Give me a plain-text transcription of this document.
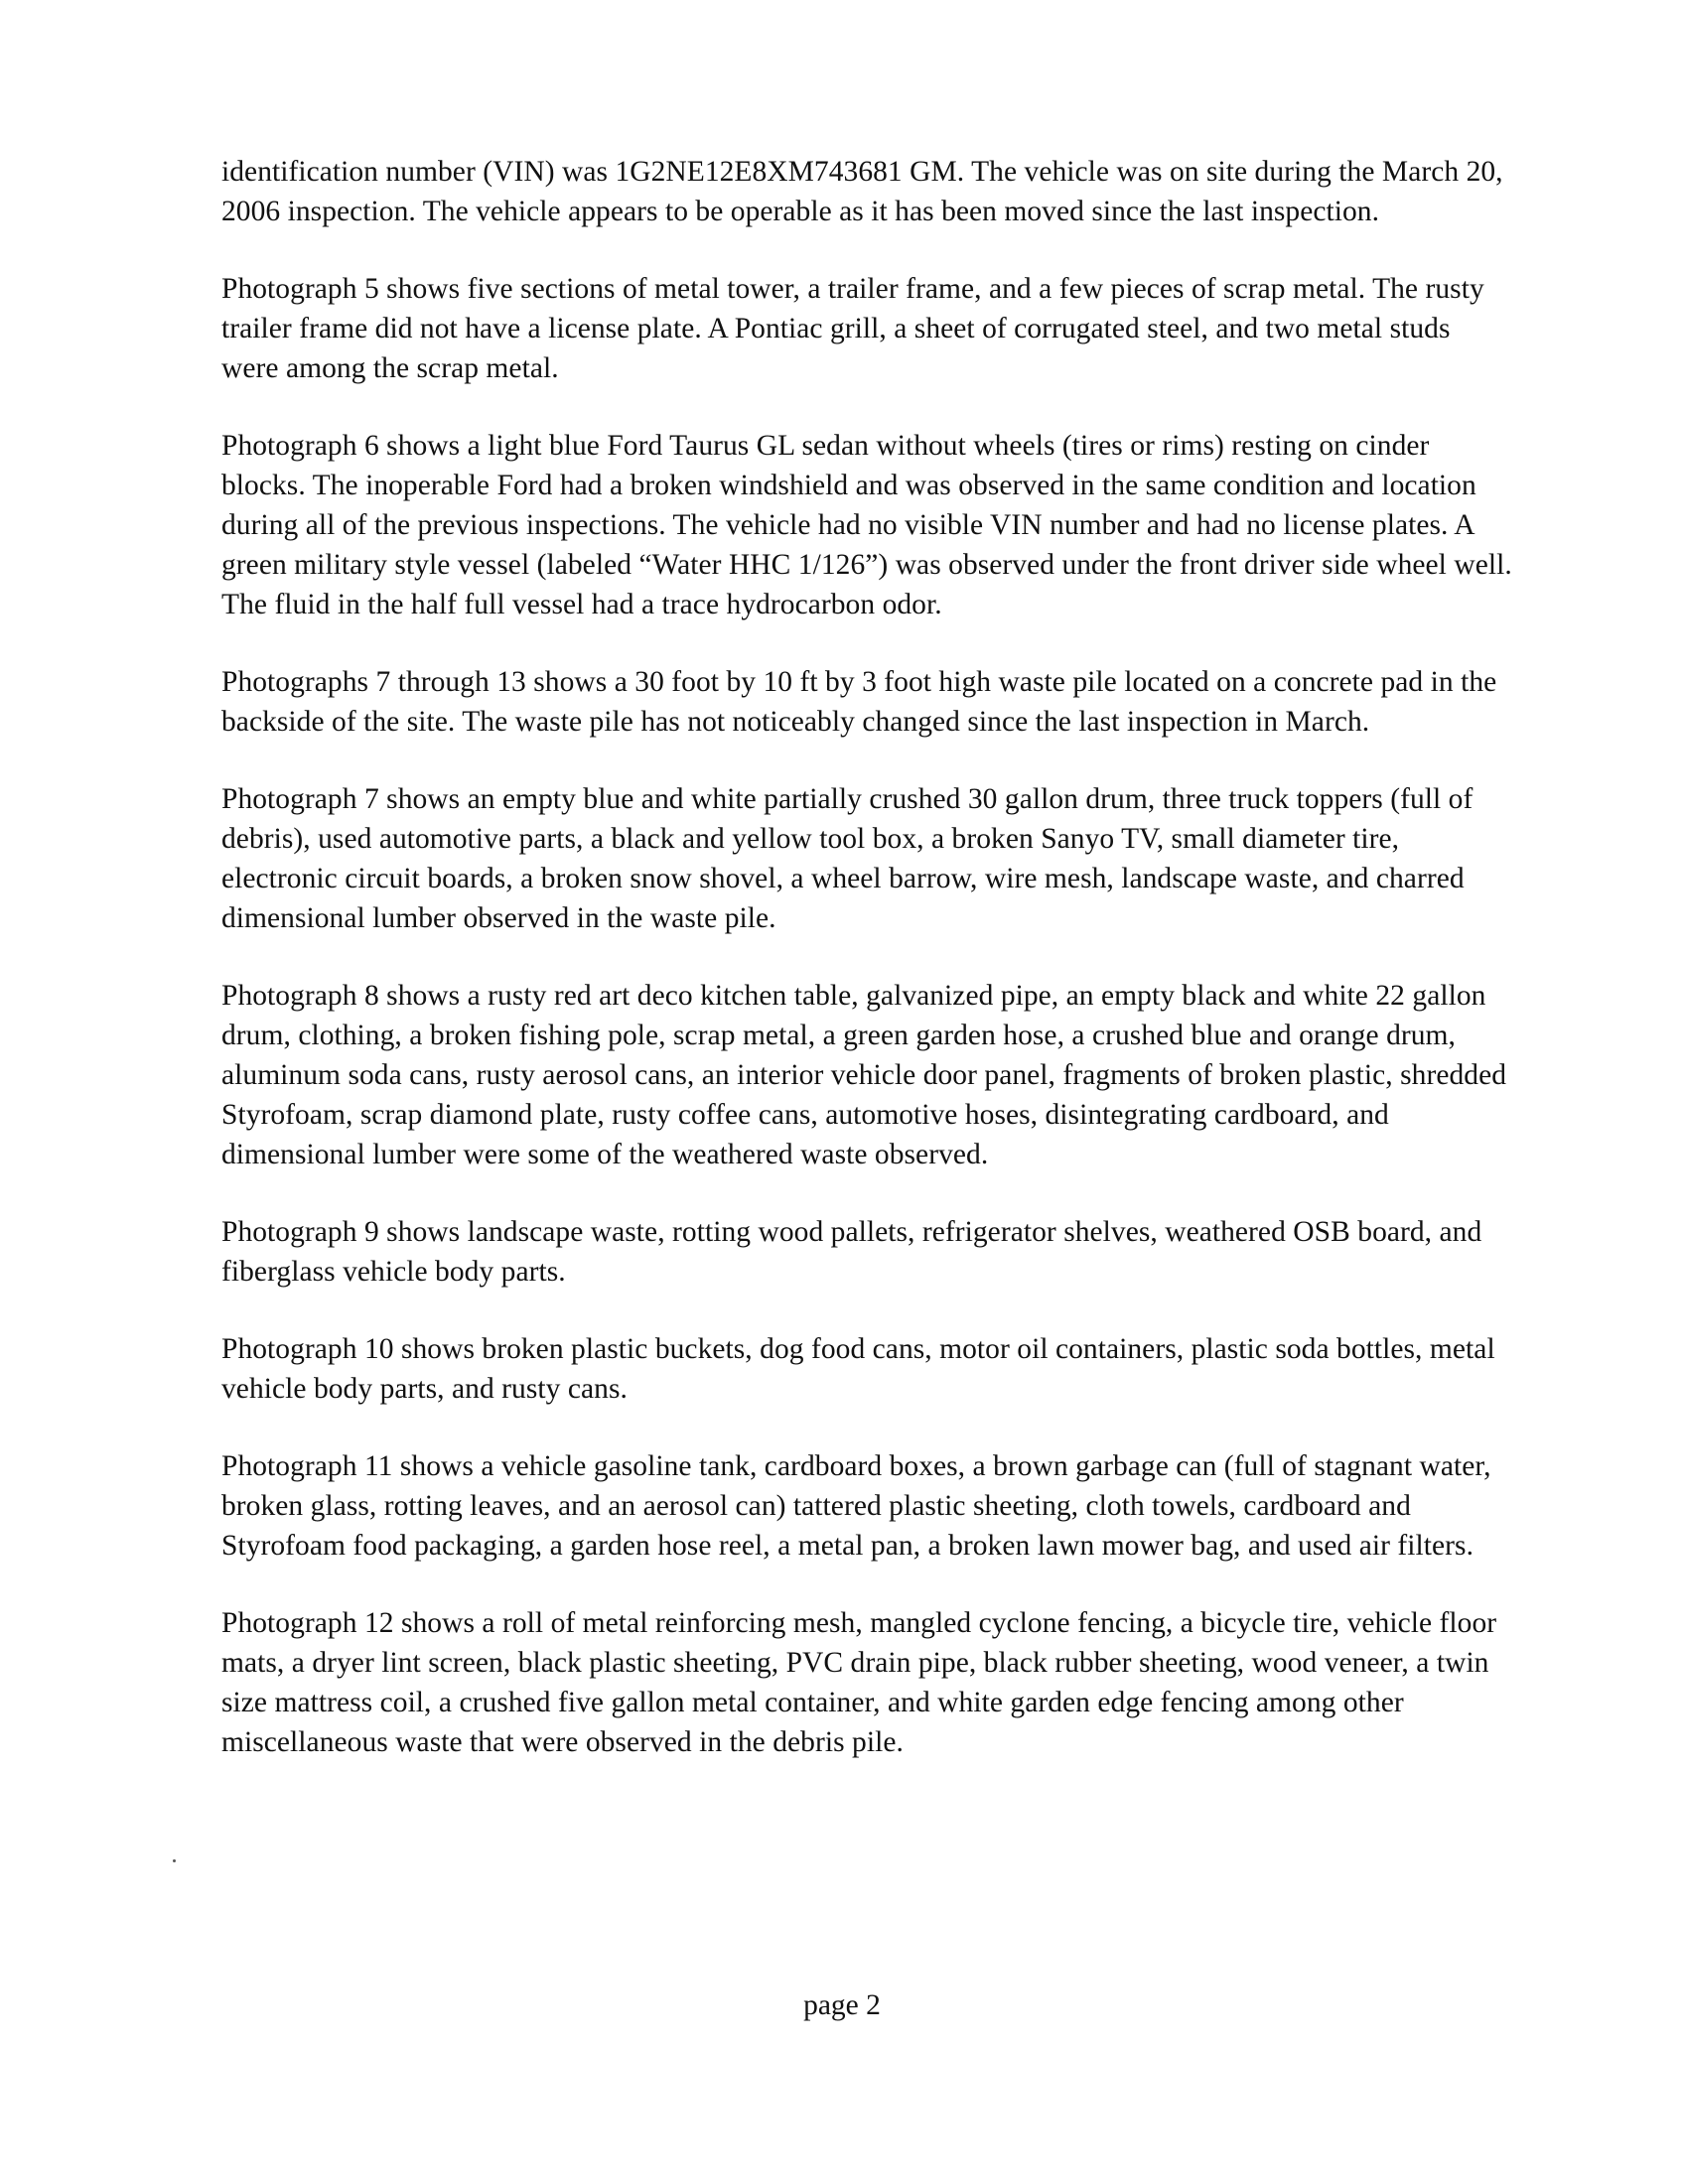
identification number (VIN) was 1G2NE12E8XM743681 GM. The vehicle was on site during the March 20, 2006 inspection. The vehicle appears to be operable as it has been moved since the last inspection.

Photograph 5 shows five sections of metal tower, a trailer frame, and a few pieces of scrap metal. The rusty trailer frame did not have a license plate. A Pontiac grill, a sheet of corrugated steel, and two metal studs were among the scrap metal.

Photograph 6 shows a light blue Ford Taurus GL sedan without wheels (tires or rims) resting on cinder blocks. The inoperable Ford had a broken windshield and was observed in the same condition and location during all of the previous inspections. The vehicle had no visible VIN number and had no license plates. A green military style vessel (labeled “Water HHC 1/126”) was observed under the front driver side wheel well. The fluid in the half full vessel had a trace hydrocarbon odor.

Photographs 7 through 13 shows a 30 foot by 10 ft by 3 foot high waste pile located on a concrete pad in the backside of the site. The waste pile has not noticeably changed since the last inspection in March.

Photograph 7 shows an empty blue and white partially crushed 30 gallon drum, three truck toppers (full of debris), used automotive parts, a black and yellow tool box, a broken Sanyo TV, small diameter tire, electronic circuit boards, a broken snow shovel, a wheel barrow, wire mesh, landscape waste, and charred dimensional lumber observed in the waste pile.

Photograph 8 shows a rusty red art deco kitchen table, galvanized pipe, an empty black and white 22 gallon drum, clothing, a broken fishing pole, scrap metal, a green garden hose, a crushed blue and orange drum, aluminum soda cans, rusty aerosol cans, an interior vehicle door panel, fragments of broken plastic, shredded Styrofoam, scrap diamond plate, rusty coffee cans, automotive hoses, disintegrating cardboard, and dimensional lumber were some of the weathered waste observed.

Photograph 9 shows landscape waste, rotting wood pallets, refrigerator shelves, weathered OSB board, and fiberglass vehicle body parts.

Photograph 10 shows broken plastic buckets, dog food cans, motor oil containers, plastic soda bottles, metal vehicle body parts, and rusty cans.

Photograph 11 shows a vehicle gasoline tank, cardboard boxes, a brown garbage can (full of stagnant water, broken glass, rotting leaves, and an aerosol can) tattered plastic sheeting, cloth towels, cardboard and Styrofoam food packaging, a garden hose reel, a metal pan, a broken lawn mower bag, and used air filters.

Photograph 12 shows a roll of metal reinforcing mesh, mangled cyclone fencing, a bicycle tire, vehicle floor mats, a dryer lint screen, black plastic sheeting, PVC drain pipe, black rubber sheeting, wood veneer, a twin size mattress coil, a crushed five gallon metal container, and white garden edge fencing among other miscellaneous waste that were observed in the debris pile.

page 2
